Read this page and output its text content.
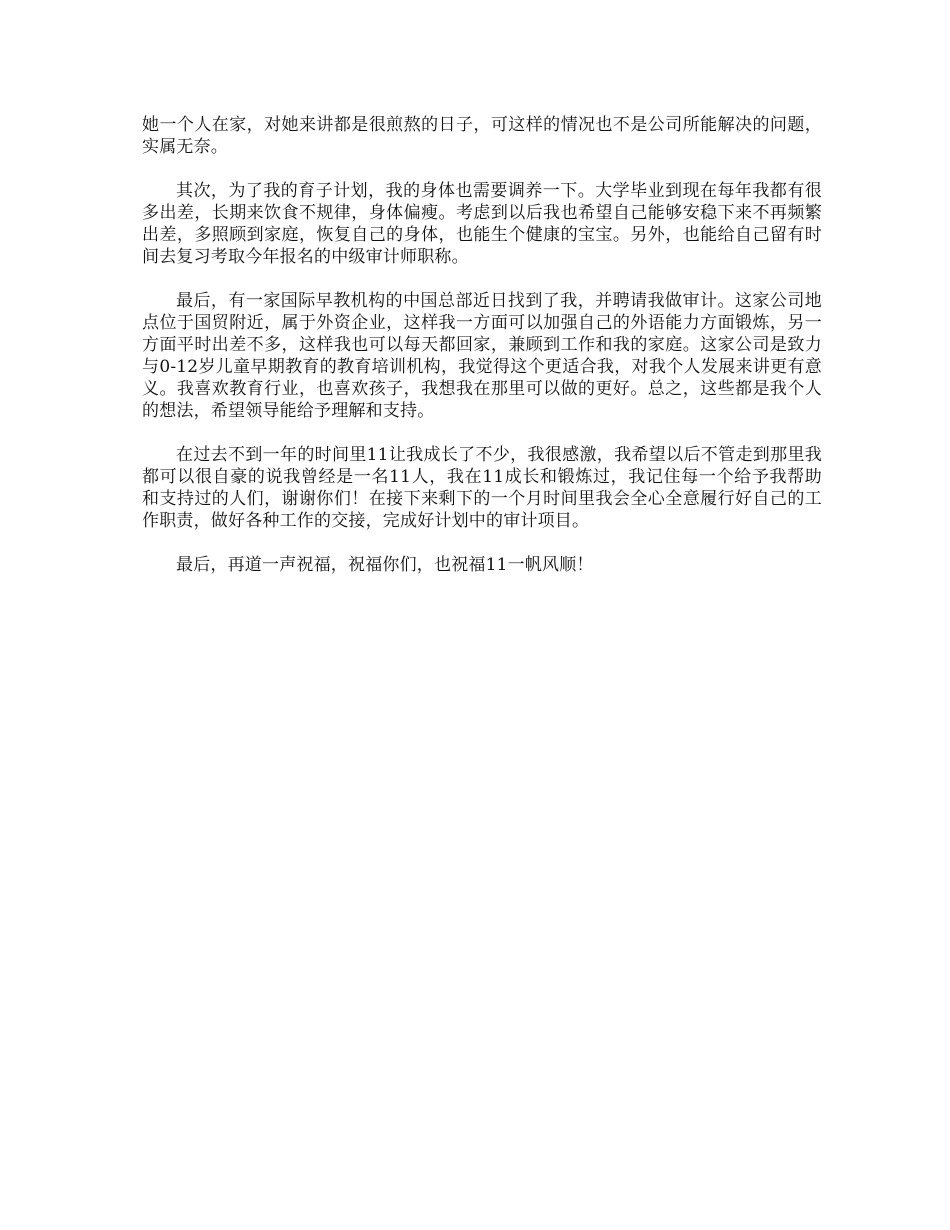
她一个人在家，对她来讲都是很煎熬的日子，可这样的情况也不是公司所能解决的问题，实属无奈。

其次，为了我的育子计划，我的身体也需要调养一下。大学毕业到现在每年我都有很多出差，长期来饮食不规律，身体偏瘦。考虑到以后我也希望自己能够安稳下来不再频繁出差，多照顾到家庭，恢复自己的身体，也能生个健康的宝宝。另外，也能给自己留有时间去复习考取今年报名的中级审计师职称。

最后，有一家国际早教机构的中国总部近日找到了我，并聘请我做审计。这家公司地点位于国贸附近，属于外资企业，这样我一方面可以加强自己的外语能力方面锻炼，另一方面平时出差不多，这样我也可以每天都回家，兼顾到工作和我的家庭。这家公司是致力与0-12岁儿童早期教育的教育培训机构，我觉得这个更适合我，对我个人发展来讲更有意义。我喜欢教育行业，也喜欢孩子，我想我在那里可以做的更好。总之，这些都是我个人的想法，希望领导能给予理解和支持。

在过去不到一年的时间里11让我成长了不少，我很感激，我希望以后不管走到那里我都可以很自豪的说我曾经是一名11人，我在11成长和锻炼过，我记住每一个给予我帮助和支持过的人们，谢谢你们！在接下来剩下的一个月时间里我会全心全意履行好自己的工作职责，做好各种工作的交接，完成好计划中的审计项目。

最后，再道一声祝福，祝福你们，也祝福11一帆风顺！
